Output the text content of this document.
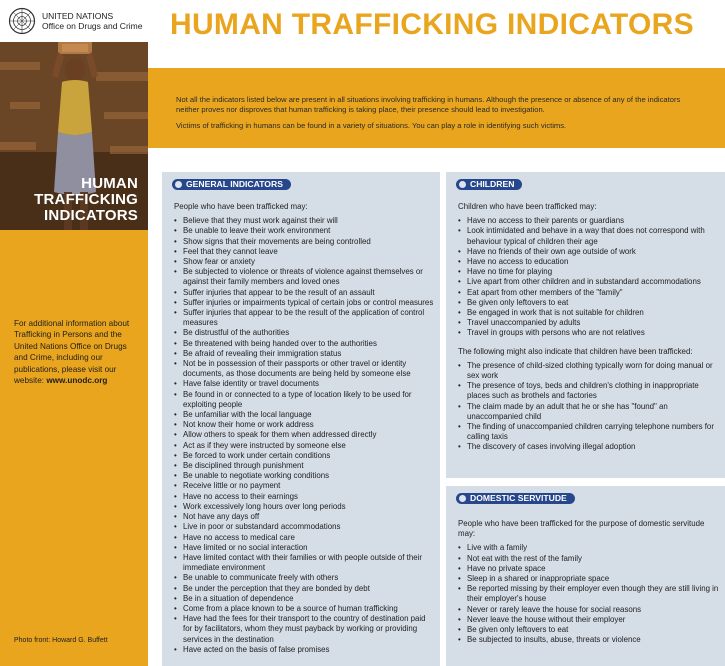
UNITED NATIONS
Office on Drugs and Crime
HUMAN
TRAFFICKING
INDICATORS
For additional information about Trafficking in Persons and the United Nations Office on Drugs and Crime, including our publications, please visit our website: www.unodc.org
Photo front: Howard G. Buffett
HUMAN TRAFFICKING INDICATORS

Not all the indicators listed below are present in all situations involving trafficking in humans. Although the presence or absence of any of the indicators neither proves nor disproves that human trafficking is taking place, their presence should lead to investigation.

Victims of trafficking in humans can be found in a variety of situations. You can play a role in identifying such victims.

GENERAL INDICATORS
People who have been trafficked may:
• Believe that they must work against their will
• Be unable to leave their work environment
• Show signs that their movements are being controlled
• Feel that they cannot leave
• Show fear or anxiety
• Be subjected to violence or threats of violence against themselves or against their family members and loved ones
• Suffer injuries that appear to be the result of an assault
• Suffer injuries or impairments typical of certain jobs or control measures
• Suffer injuries that appear to be the result of the application of control measures
• Be distrustful of the authorities
• Be threatened with being handed over to the authorities
• Be afraid of revealing their immigration status
• Not be in possession of their passports or other travel or identity documents, as those documents are being held by someone else
• Have false identity or travel documents
• Be found in or connected to a type of location likely to be used for exploiting people
• Be unfamiliar with the local language
• Not know their home or work address
• Allow others to speak for them when addressed directly
• Act as if they were instructed by someone else
• Be forced to work under certain conditions
• Be disciplined through punishment
• Be unable to negotiate working conditions
• Receive little or no payment
• Have no access to their earnings
• Work excessively long hours over long periods
• Not have any days off
• Live in poor or substandard accommodations
• Have no access to medical care
• Have limited or no social interaction
• Have limited contact with their families or with people outside of their immediate environment
• Be unable to communicate freely with others
• Be under the perception that they are bonded by debt
• Be in a situation of dependence
• Come from a place known to be a source of human trafficking
• Have had the fees for their transport to the country of destination paid for by facilitators, whom they must payback by working or providing services in the destination
• Have acted on the basis of false promises
CHILDREN
Children who have been trafficked may:
• Have no access to their parents or guardians
• Look intimidated and behave in a way that does not correspond with behaviour typical of children their age
• Have no friends of their own age outside of work
• Have no access to education
• Have no time for playing
• Live apart from other children and in substandard accommodations
• Eat apart from other members of the "family"
• Be given only leftovers to eat
• Be engaged in work that is not suitable for children
• Travel unaccompanied by adults
• Travel in groups with persons who are not relatives
The following might also indicate that children have been trafficked:
• The presence of child-sized clothing typically worn for doing manual or sex work
• The presence of toys, beds and children's clothing in inappropriate places such as brothels and factories
• The claim made by an adult that he or she has "found" an unaccompanied child
• The finding of unaccompanied children carrying telephone numbers for calling taxis
• The discovery of cases involving illegal adoption
DOMESTIC SERVITUDE
People who have been trafficked for the purpose of domestic servitude may:
• Live with a family
• Not eat with the rest of the family
• Have no private space
• Sleep in a shared or inappropriate space
• Be reported missing by their employer even though they are still living in their employer's house
• Never or rarely leave the house for social reasons
• Never leave the house without their employer
• Be given only leftovers to eat
• Be subjected to insults, abuse, threats or violence
